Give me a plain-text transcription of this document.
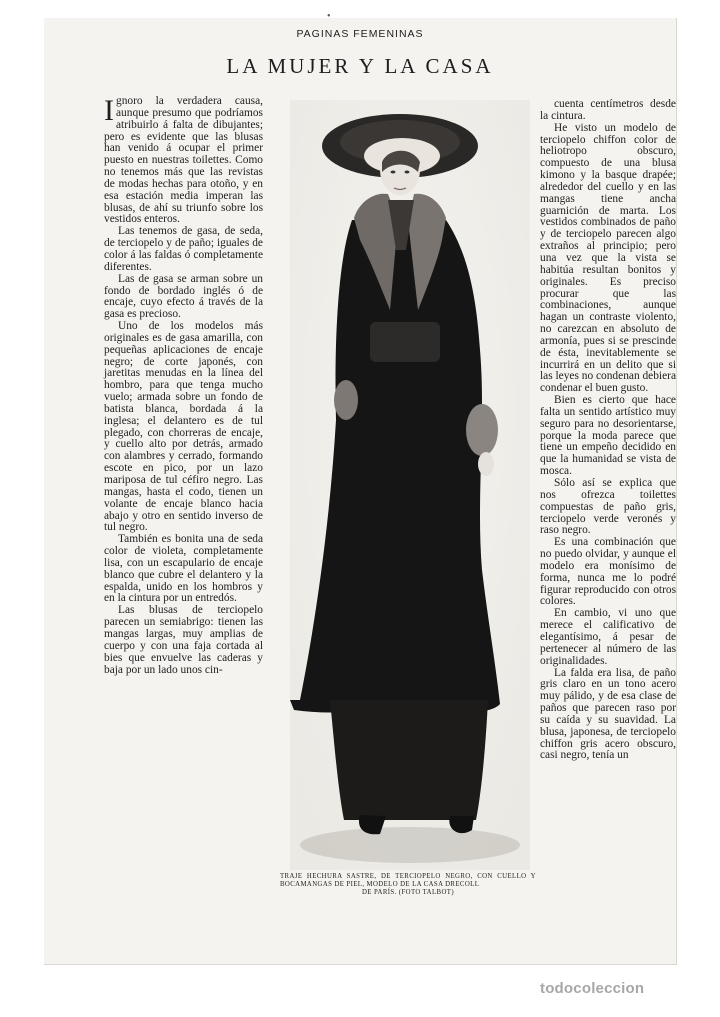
•
PAGINAS FEMENINAS
LA MUJER Y LA CASA

Ignoro la verdadera causa, aunque presumo que podríamos atribuirlo á falta de dibujantes; pero es evidente que las blusas han venido á ocupar el primer puesto en nuestras toilettes. Como no tenemos más que las revistas de modas hechas para otoño, y en esa estación media imperan las blusas, de ahí su triunfo sobre los vestidos enteros.

Las tenemos de gasa, de seda, de terciopelo y de paño; iguales de color á las faldas ó completamente diferentes.

Las de gasa se arman sobre un fondo de bordado inglés ó de encaje, cuyo efecto á través de la gasa es precioso.

Uno de los modelos más originales es de gasa amarilla, con pequeñas aplicaciones de encaje negro; de corte japonés, con jaretitas menudas en la línea del hombro, para que tenga mucho vuelo; armada sobre un fondo de batista blanca, bordada á la inglesa; el delantero es de tul plegado, con chorreras de encaje, y cuello alto por detrás, armado con alambres y cerrado, formando escote en pico, por un lazo mariposa de tul céfiro negro. Las mangas, hasta el codo, tienen un volante de encaje blanco hacia abajo y otro en sentido inverso de tul negro.

También es bonita una de seda color de violeta, completamente lisa, con un escapulario de encaje blanco que cubre el delantero y la espalda, unido en los hombros y en la cintura por un entredós.

Las blusas de terciopelo parecen un semiabrigo: tienen las mangas largas, muy amplias de cuerpo y con una faja cortada al bies que envuelve las caderas y baja por un lado unos cin-

TRAJE HECHURA SASTRE, DE TERCIOPELO NEGRO, CON CUELLO Y BOCAMANGAS DE PIEL, MODELO DE LA CASA DRECOLL
DE PARÍS. (FOTO TALBOT)

cuenta centímetros desde la cintura.

He visto un modelo de terciopelo chiffon color de heliotropo obscuro, compuesto de una blusa kimono y la basque drapée; alrededor del cuello y en las mangas tiene ancha guarnición de marta. Los vestidos combinados de paño y de terciopelo parecen algo extraños al principio; pero una vez que la vista se habitúa resultan bonitos y originales. Es preciso procurar que las combinaciones, aunque hagan un contraste violento, no carezcan en absoluto de armonía, pues si se prescinde de ésta, inevitablemente se incurrirá en un delito que si las leyes no condenan debiera condenar el buen gusto.

Bien es cierto que hace falta un sentido artístico muy seguro para no desorientarse, porque la moda parece que tiene un empeño decidido en que la humanidad se vista de mosca.

Sólo así se explica que nos ofrezca toilettes compuestas de paño gris, terciopelo verde veronés y raso negro.

Es una combinación que no puedo olvidar, y aunque el modelo era monísimo de forma, nunca me lo podré figurar reproducido con otros colores.

En cambio, vi uno que merece el calificativo de elegantísimo, á pesar de pertenecer al número de las originalidades.

La falda era lisa, de paño gris claro en un tono acero muy pálido, y de esa clase de paños que parecen raso por su caída y su suavidad. La blusa, japonesa, de terciopelo chiffon gris acero obscuro, casi negro, tenía un

todocoleccion
